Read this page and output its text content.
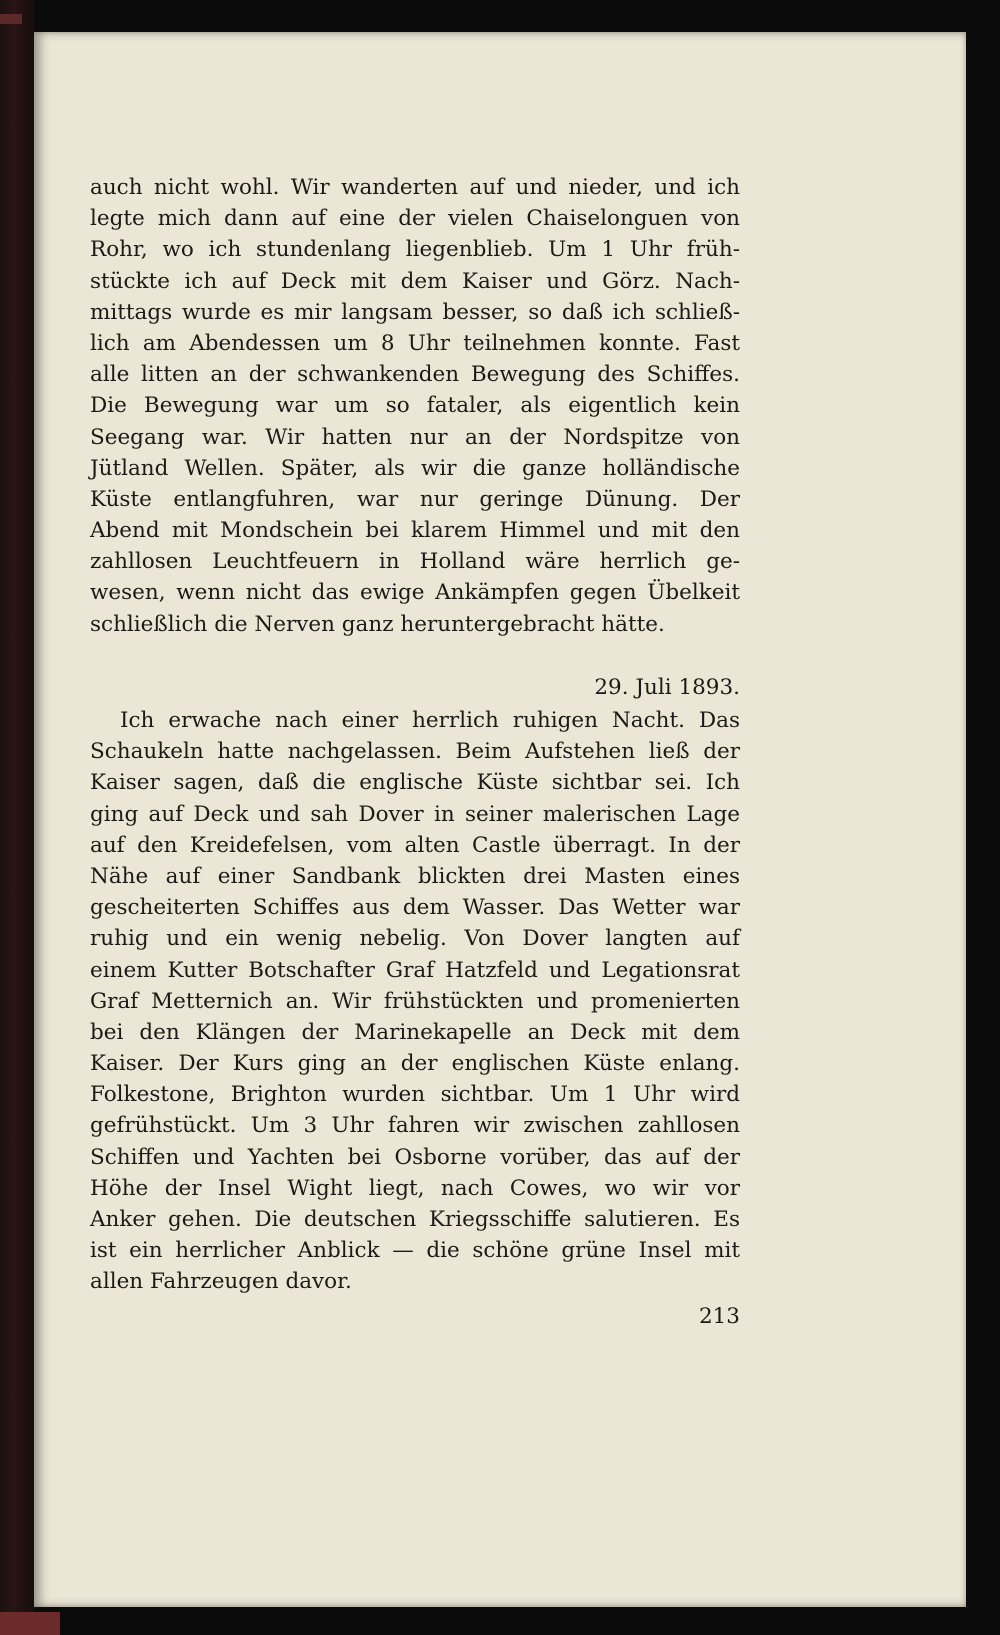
auch nicht wohl. Wir wanderten auf und nieder, und ich
legte mich dann auf eine der vielen Chaiselonguen von
Rohr, wo ich stundenlang liegenblieb. Um 1 Uhr früh-
stückte ich auf Deck mit dem Kaiser und Görz. Nach-
mittags wurde es mir langsam besser, so daß ich schließ-
lich am Abendessen um 8 Uhr teilnehmen konnte. Fast
alle litten an der schwankenden Bewegung des Schiffes.
Die Bewegung war um so fataler, als eigentlich kein
Seegang war. Wir hatten nur an der Nordspitze von
Jütland Wellen. Später, als wir die ganze holländische
Küste entlangfuhren, war nur geringe Dünung. Der
Abend mit Mondschein bei klarem Himmel und mit den
zahllosen Leuchtfeuern in Holland wäre herrlich ge-
wesen, wenn nicht das ewige Ankämpfen gegen Übelkeit
schließlich die Nerven ganz heruntergebracht hätte.
29. Juli 1893.
Ich erwache nach einer herrlich ruhigen Nacht. Das
Schaukeln hatte nachgelassen. Beim Aufstehen ließ der
Kaiser sagen, daß die englische Küste sichtbar sei. Ich
ging auf Deck und sah Dover in seiner malerischen Lage
auf den Kreidefelsen, vom alten Castle überragt. In der
Nähe auf einer Sandbank blickten drei Masten eines
gescheiterten Schiffes aus dem Wasser. Das Wetter war
ruhig und ein wenig nebelig. Von Dover langten auf
einem Kutter Botschafter Graf Hatzfeld und Legationsrat
Graf Metternich an. Wir frühstückten und promenierten
bei den Klängen der Marinekapelle an Deck mit dem
Kaiser. Der Kurs ging an der englischen Küste enlang.
Folkestone, Brighton wurden sichtbar. Um 1 Uhr wird
gefrühstückt. Um 3 Uhr fahren wir zwischen zahllosen
Schiffen und Yachten bei Osborne vorüber, das auf der
Höhe der Insel Wight liegt, nach Cowes, wo wir vor
Anker gehen. Die deutschen Kriegsschiffe salutieren. Es
ist ein herrlicher Anblick — die schöne grüne Insel mit
allen Fahrzeugen davor.
213
